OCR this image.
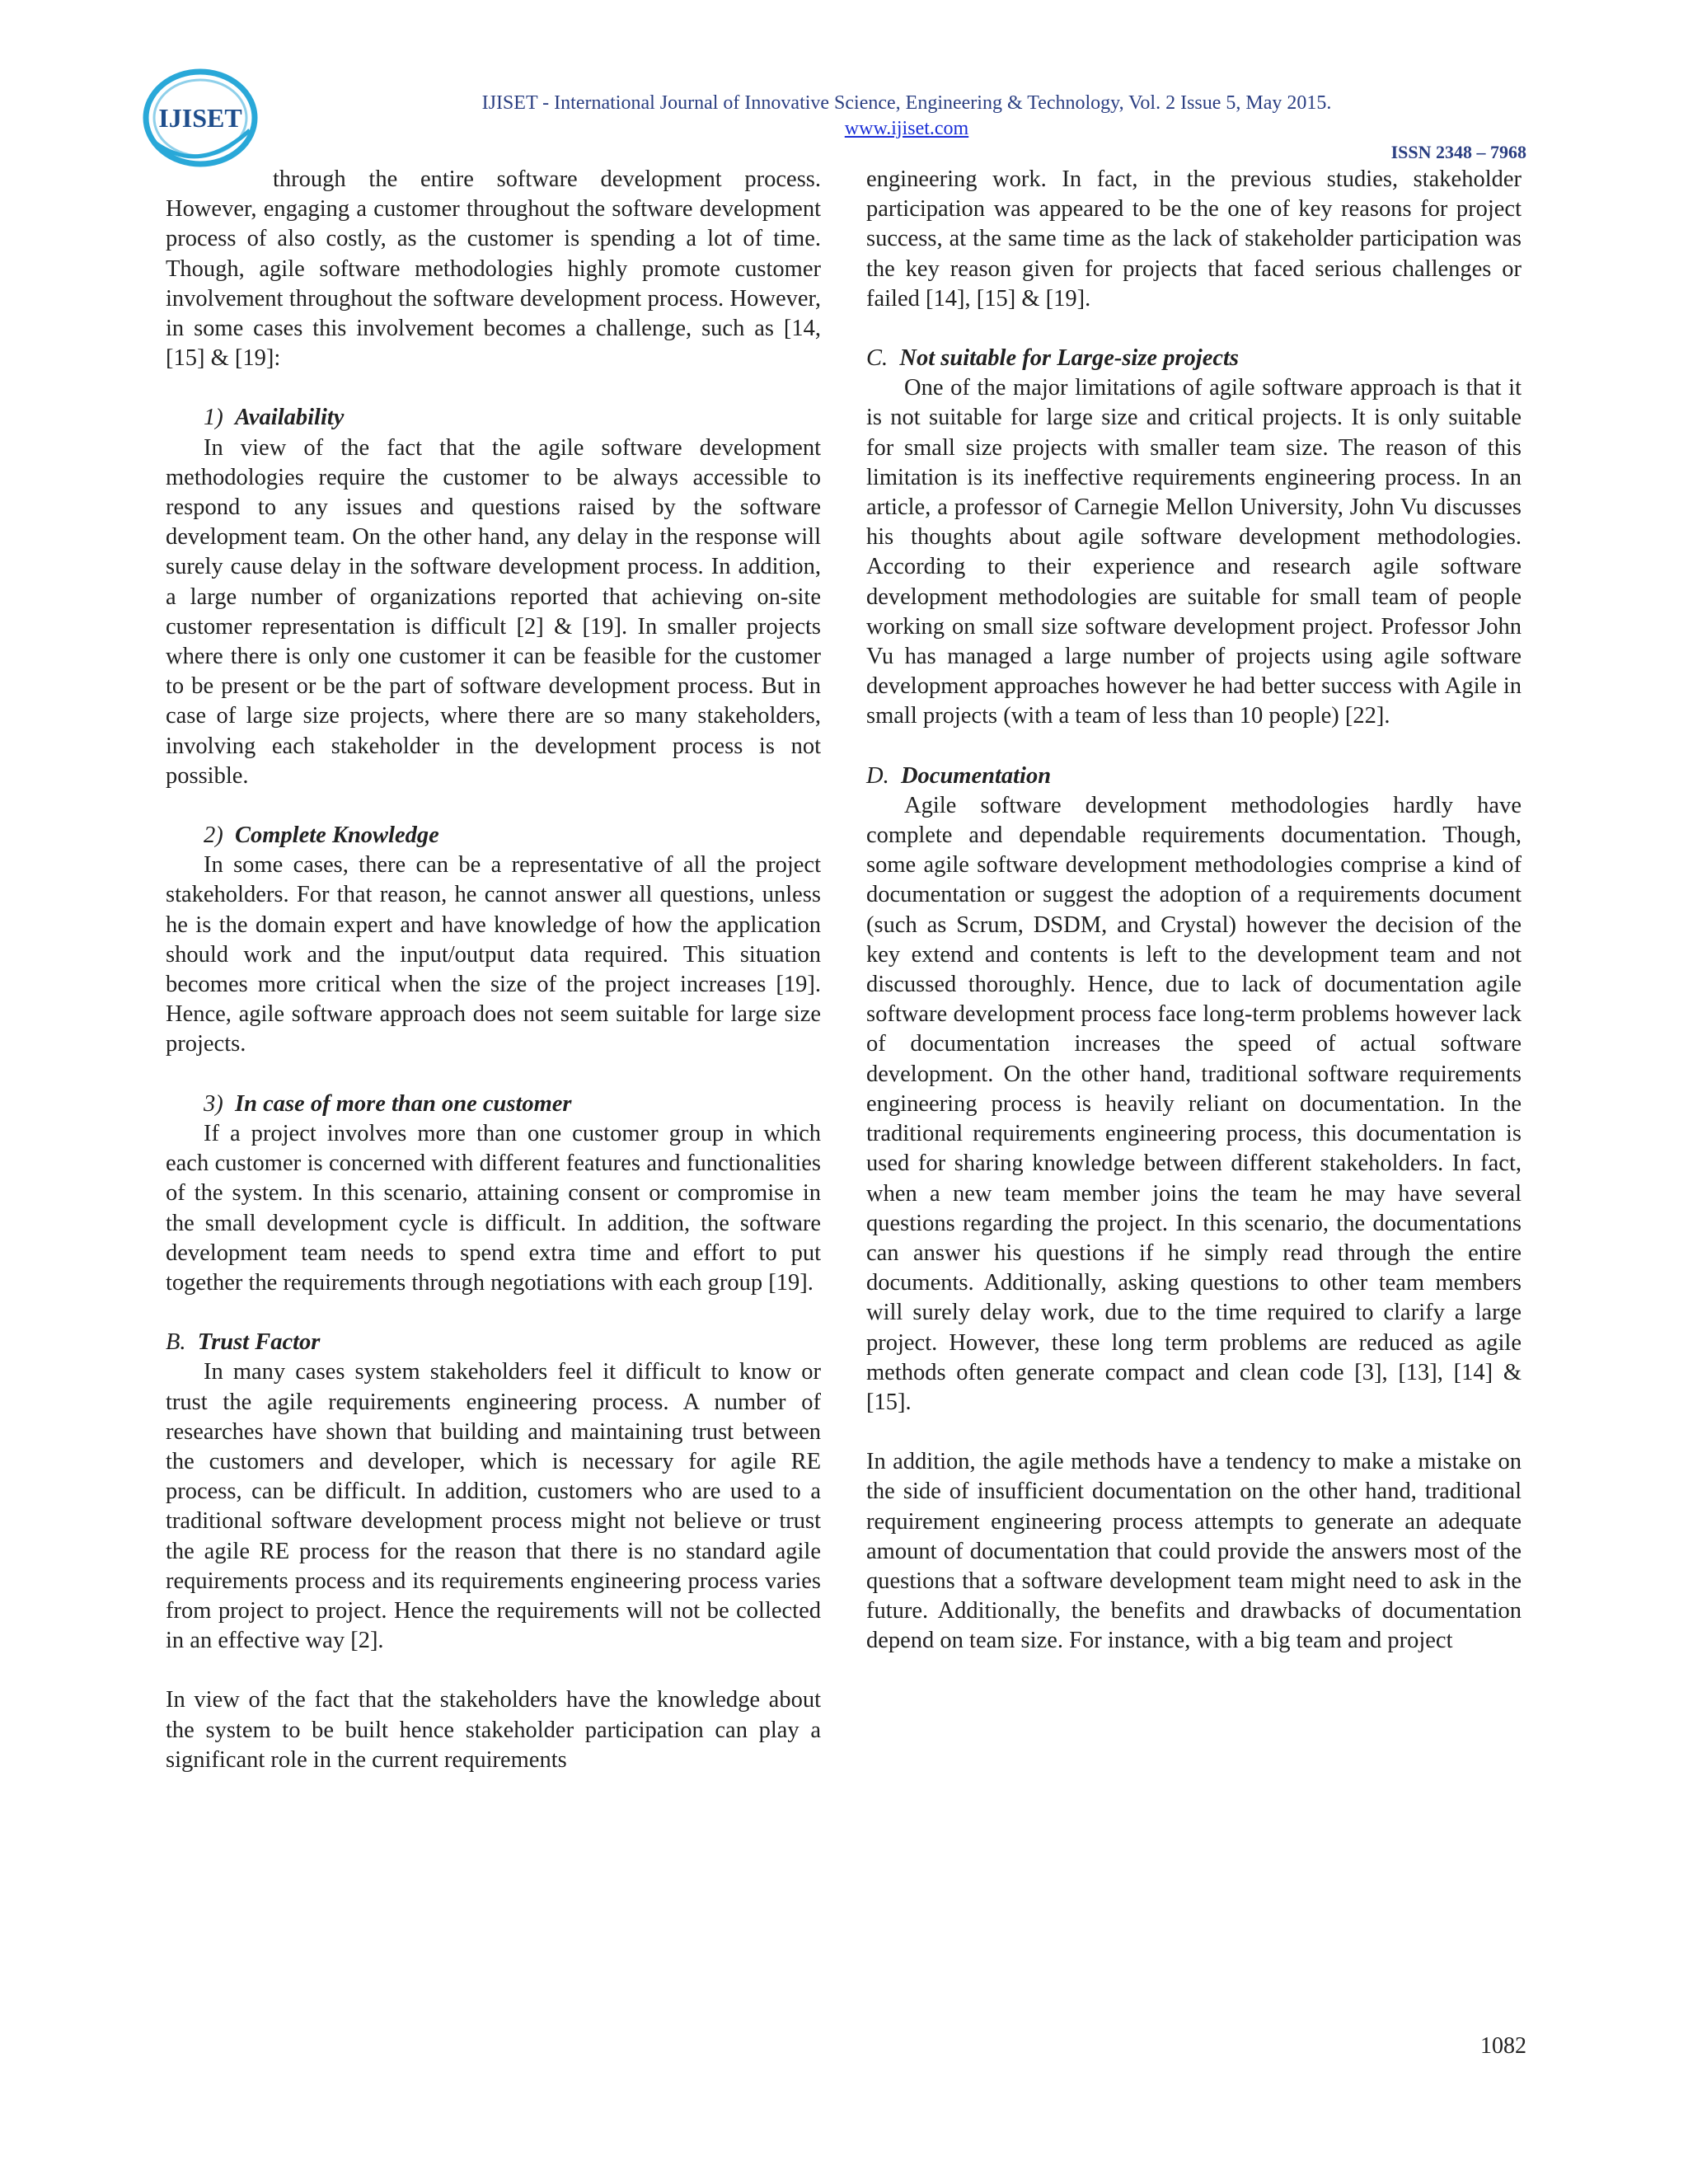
IJISET	IJISET - International Journal of Innovative Science, Engineering & Technology, Vol. 2 Issue 5, May 2015.
www.ijiset.com
ISSN 2348 – 7968

through the entire software development process. However, engaging a customer throughout the software development process of also costly, as the customer is spending a lot of time. Though, agile software methodologies highly promote customer involvement throughout the software development process. However, in some cases this involvement becomes a challenge, such as [14, [15] & [19]:

1) Availability

In view of the fact that the agile software development methodologies require the customer to be always accessible to respond to any issues and questions raised by the software development team. On the other hand, any delay in the response will surely cause delay in the software development process. In addition, a large number of organizations reported that achieving on-site customer representation is difficult [2] & [19]. In smaller projects where there is only one customer it can be feasible for the customer to be present or be the part of software development process. But in case of large size projects, where there are so many stakeholders, involving each stakeholder in the development process is not possible.

2) Complete Knowledge

In some cases, there can be a representative of all the project stakeholders. For that reason, he cannot answer all questions, unless he is the domain expert and have knowledge of how the application should work and the input/output data required. This situation becomes more critical when the size of the project increases [19]. Hence, agile software approach does not seem suitable for large size projects.

3) In case of more than one customer

If a project involves more than one customer group in which each customer is concerned with different features and functionalities of the system. In this scenario, attaining consent or compromise in the small development cycle is difficult. In addition, the software development team needs to spend extra time and effort to put together the requirements through negotiations with each group [19].

B. Trust Factor

In many cases system stakeholders feel it difficult to know or trust the agile requirements engineering process. A number of researches have shown that building and maintaining trust between the customers and developer, which is necessary for agile RE process, can be difficult. In addition, customers who are used to a traditional software development process might not believe or trust the agile RE process for the reason that there is no standard agile requirements process and its requirements engineering process varies from project to project. Hence the requirements will not be collected in an effective way [2].

In view of the fact that the stakeholders have the knowledge about the system to be built hence stakeholder participation can play a significant role in the current requirements

engineering work. In fact, in the previous studies, stakeholder participation was appeared to be the one of key reasons for project success, at the same time as the lack of stakeholder participation was the key reason given for projects that faced serious challenges or failed [14], [15] & [19].

C. Not suitable for Large-size projects

One of the major limitations of agile software approach is that it is not suitable for large size and critical projects. It is only suitable for small size projects with smaller team size. The reason of this limitation is its ineffective requirements engineering process. In an article, a professor of Carnegie Mellon University, John Vu discusses his thoughts about agile software development methodologies. According to their experience and research agile software development methodologies are suitable for small team of people working on small size software development project. Professor John Vu has managed a large number of projects using agile software development approaches however he had better success with Agile in small projects (with a team of less than 10 people) [22].

D. Documentation

Agile software development methodologies hardly have complete and dependable requirements documentation. Though, some agile software development methodologies comprise a kind of documentation or suggest the adoption of a requirements document (such as Scrum, DSDM, and Crystal) however the decision of the key extend and contents is left to the development team and not discussed thoroughly. Hence, due to lack of documentation agile software development process face long-term problems however lack of documentation increases the speed of actual software development. On the other hand, traditional software requirements engineering process is heavily reliant on documentation. In the traditional requirements engineering process, this documentation is used for sharing knowledge between different stakeholders. In fact, when a new team member joins the team he may have several questions regarding the project. In this scenario, the documentations can answer his questions if he simply read through the entire documents. Additionally, asking questions to other team members will surely delay work, due to the time required to clarify a large project. However, these long term problems are reduced as agile methods often generate compact and clean code [3], [13], [14] & [15].

In addition, the agile methods have a tendency to make a mistake on the side of insufficient documentation on the other hand, traditional requirement engineering process attempts to generate an adequate amount of documentation that could provide the answers most of the questions that a software development team might need to ask in the future. Additionally, the benefits and drawbacks of documentation depend on team size. For instance, with a big team and project

1082
